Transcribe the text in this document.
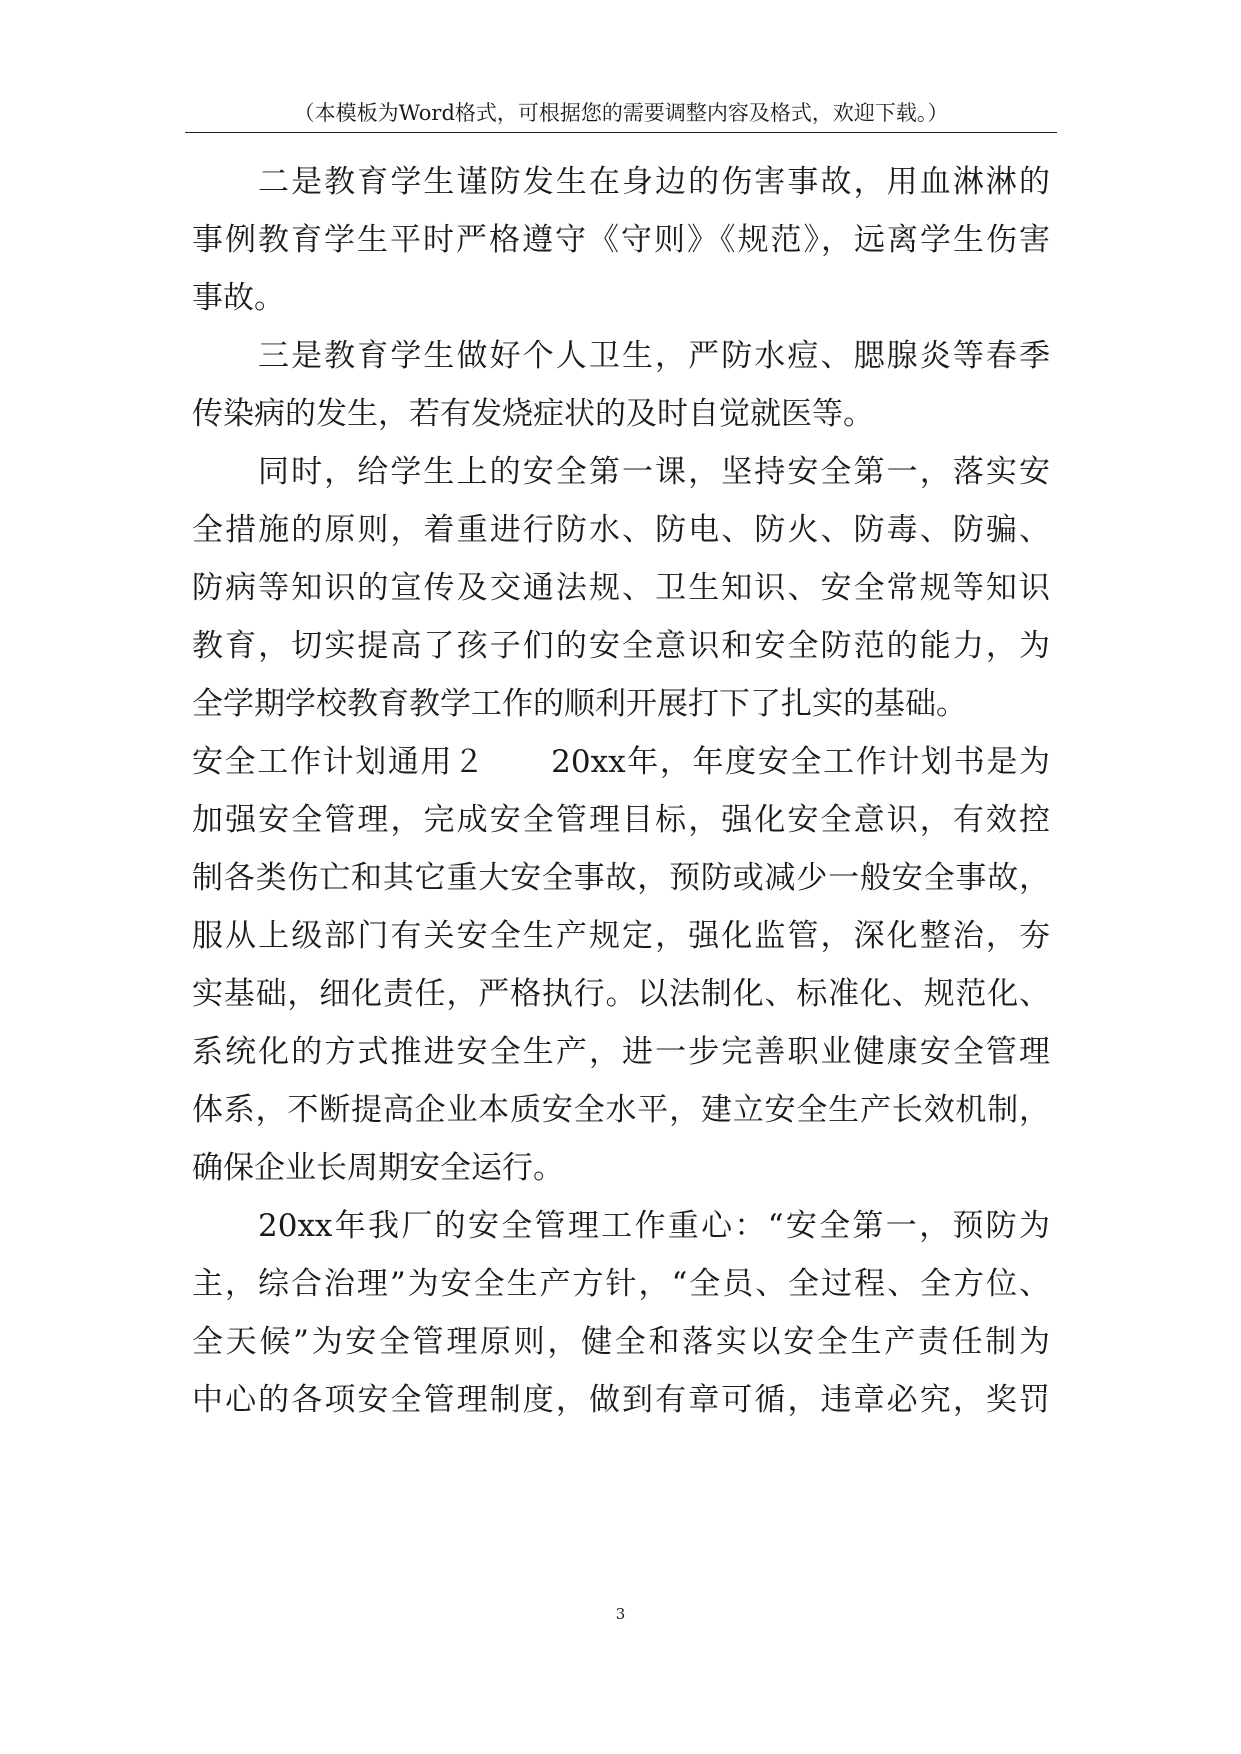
（本模板为Word格式，可根据您的需要调整内容及格式，欢迎下载。）
二是教育学生谨防发生在身边的伤害事故，用血淋淋的
事例教育学生平时严格遵守《守则》《规范》，远离学生伤害
事故。
三是教育学生做好个人卫生，严防水痘、腮腺炎等春季
传染病的发生，若有发烧症状的及时自觉就医等。
同时，给学生上的安全第一课，坚持安全第一，落实安
全措施的原则，着重进行防水、防电、防火、防毒、防骗、
防病等知识的宣传及交通法规、卫生知识、安全常规等知识
教育，切实提高了孩子们的安全意识和安全防范的能力，为
全学期学校教育教学工作的顺利开展打下了扎实的基础。
安全工作计划通用２　　20xx年，年度安全工作计划书是为
加强安全管理，完成安全管理目标，强化安全意识，有效控
制各类伤亡和其它重大安全事故，预防或减少一般安全事故，
服从上级部门有关安全生产规定，强化监管，深化整治，夯
实基础，细化责任，严格执行。以法制化、标准化、规范化、
系统化的方式推进安全生产，进一步完善职业健康安全管理
体系，不断提高企业本质安全水平，建立安全生产长效机制，
确保企业长周期安全运行。
20xx年我厂的安全管理工作重心：“安全第一，预防为
主，综合治理”为安全生产方针，“全员、全过程、全方位、
全天候”为安全管理原则，健全和落实以安全生产责任制为
中心的各项安全管理制度，做到有章可循，违章必究，奖罚
3
